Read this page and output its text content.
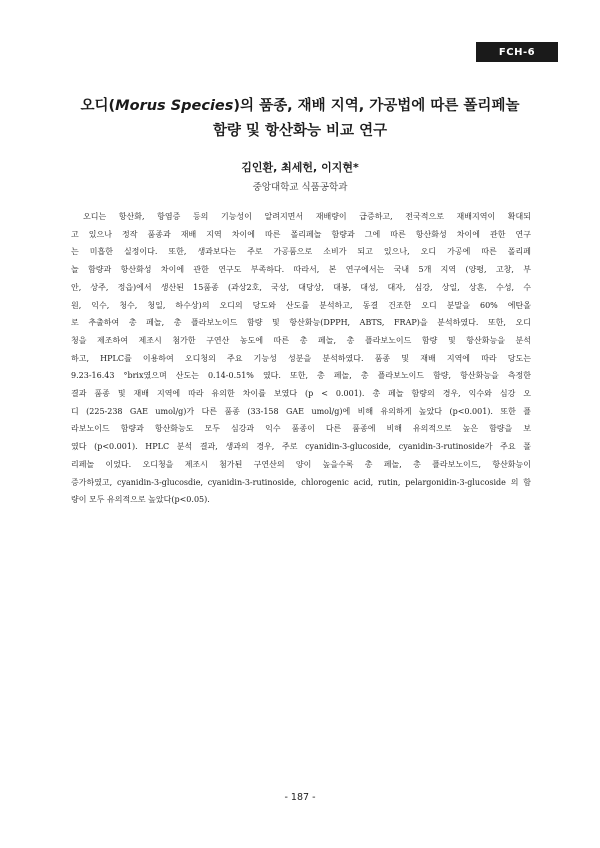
FCH-6
오디(Morus Species)의 품종, 재배 지역, 가공법에 따른 폴리페놀
함량 및 항산화능 비교 연구
김인환, 최세헌, 이지현*
중앙대학교 식품공학과
오디는 항산화, 항염증 등의 기능성이 알려지면서 재배량이 급증하고, 전국적으로 재배지역이 확대되
고 있으나 정작 품종과 재배 지역 차이에 따른 폴리페놀 함량과 그에 따른 항산화성 차이에 관한 연구
는 미흡한 실정이다. 또한, 생과보다는 주로 가공품으로 소비가 되고 있으나, 오디 가공에 따른 폴리페
놀 함량과 항산화성 차이에 관한 연구도 부족하다. 따라서, 본 연구에서는 국내 5개 지역 (양평, 고창, 부
안, 상주, 정읍)에서 생산된 15품종 (과상2호, 국상, 대당상, 대봉, 대성, 대자, 심강, 상일, 상흔, 수성, 수
원, 익수, 청수, 청일, 하수상)의 오디의 당도와 산도를 분석하고, 동결 건조한 오디 분말을 60% 에탄올
로 추출하여 총 페놀, 총 플라보노이드 함량 및 항산화능(DPPH, ABTS, FRAP)을 분석하였다. 또한, 오디
청을 제조하여 제조시 첨가한 구연산 농도에 따른 총 페놀, 총 플라보노이드 함량 및 항산화능을 분석
하고, HPLC를 이용하여 오디청의 주요 기능성 성분을 분석하였다. 품종 및 재배 지역에 따라 당도는
9.23-16.43 °brix였으며 산도는 0.14-0.51% 였다. 또한, 총 페놀, 총 플라보노이드 함량, 항산화능을 측정한
결과 품종 및 재배 지역에 따라 유의한 차이를 보였다 (p < 0.001). 총 페놀 함량의 경우, 익수와 심강 오
디 (225-238 GAE umol/g)가 다른 품종 (33-158 GAE umol/g)에 비해 유의하게 높았다 (p<0.001). 또한 플
라보노이드 함량과 항산화능도 모두 심강과 익수 품종이 다른 품종에 비해 유의적으로 높은 함량을 보
였다 (p<0.001). HPLC 분석 결과, 생과의 경우, 주로 cyanidin-3-glucoside, cyanidin-3-rutinoside가 주요 폴
리페놀 이었다. 오디청을 제조시 첨가된 구연산의 양이 높을수록 총 페놀, 총 플라보노이드, 항산화능이
증가하였고, cyanidin-3-glucosdie, cyanidin-3-rutinoside, chlorogenic acid, rutin, pelargonidin-3-glucoside 의 함
량이 모두 유의적으로 높았다(p<0.05).
- 187 -
